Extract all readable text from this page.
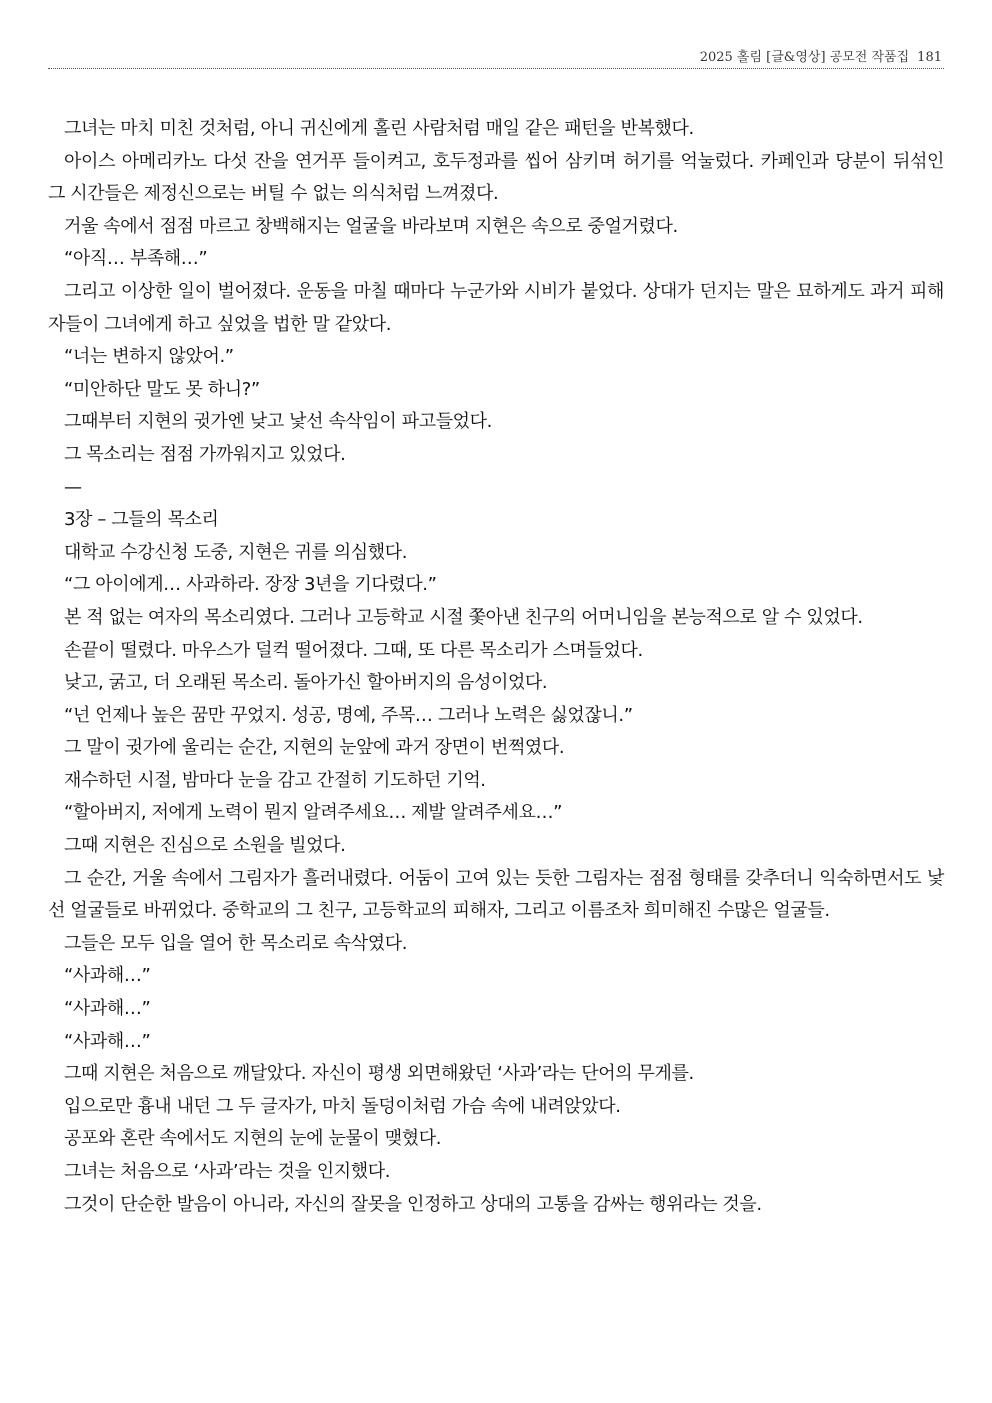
2025 홀림 [글&영상] 공모전 작품집 181

그녀는 마치 미친 것처럼, 아니 귀신에게 홀린 사람처럼 매일 같은 패턴을 반복했다.

아이스 아메리카노 다섯 잔을 연거푸 들이켜고, 호두정과를 씹어 삼키며 허기를 억눌렀다. 카페인과 당분이 뒤섞인 그 시간들은 제정신으로는 버틸 수 없는 의식처럼 느껴졌다.

거울 속에서 점점 마르고 창백해지는 얼굴을 바라보며 지현은 속으로 중얼거렸다.

“아직… 부족해…”

그리고 이상한 일이 벌어졌다. 운동을 마칠 때마다 누군가와 시비가 붙었다. 상대가 던지는 말은 묘하게도 과거 피해자들이 그녀에게 하고 싶었을 법한 말 같았다.

“너는 변하지 않았어.”

“미안하단 말도 못 하니?”

그때부터 지현의 귓가엔 낮고 낯선 속삭임이 파고들었다.

그 목소리는 점점 가까워지고 있었다.

—

3장 – 그들의 목소리

대학교 수강신청 도중, 지현은 귀를 의심했다.

“그 아이에게… 사과하라. 장장 3년을 기다렸다.”

본 적 없는 여자의 목소리였다. 그러나 고등학교 시절 쫓아낸 친구의 어머니임을 본능적으로 알 수 있었다.

손끝이 떨렸다. 마우스가 덜컥 떨어졌다. 그때, 또 다른 목소리가 스며들었다.

낮고, 굵고, 더 오래된 목소리. 돌아가신 할아버지의 음성이었다.

“넌 언제나 높은 꿈만 꾸었지. 성공, 명예, 주목… 그러나 노력은 싫었잖니.”

그 말이 귓가에 울리는 순간, 지현의 눈앞에 과거 장면이 번쩍였다.

재수하던 시절, 밤마다 눈을 감고 간절히 기도하던 기억.

“할아버지, 저에게 노력이 뭔지 알려주세요… 제발 알려주세요…”

그때 지현은 진심으로 소원을 빌었다.

그 순간, 거울 속에서 그림자가 흘러내렸다. 어둠이 고여 있는 듯한 그림자는 점점 형태를 갖추더니 익숙하면서도 낯선 얼굴들로 바뀌었다. 중학교의 그 친구, 고등학교의 피해자, 그리고 이름조차 희미해진 수많은 얼굴들.

그들은 모두 입을 열어 한 목소리로 속삭였다.

“사과해…”

“사과해…”

“사과해…”

그때 지현은 처음으로 깨달았다. 자신이 평생 외면해왔던 ‘사과’라는 단어의 무게를.

입으로만 흉내 내던 그 두 글자가, 마치 돌덩이처럼 가슴 속에 내려앉았다.

공포와 혼란 속에서도 지현의 눈에 눈물이 맺혔다.

그녀는 처음으로 ‘사과’라는 것을 인지했다.

그것이 단순한 발음이 아니라, 자신의 잘못을 인정하고 상대의 고통을 감싸는 행위라는 것을.
